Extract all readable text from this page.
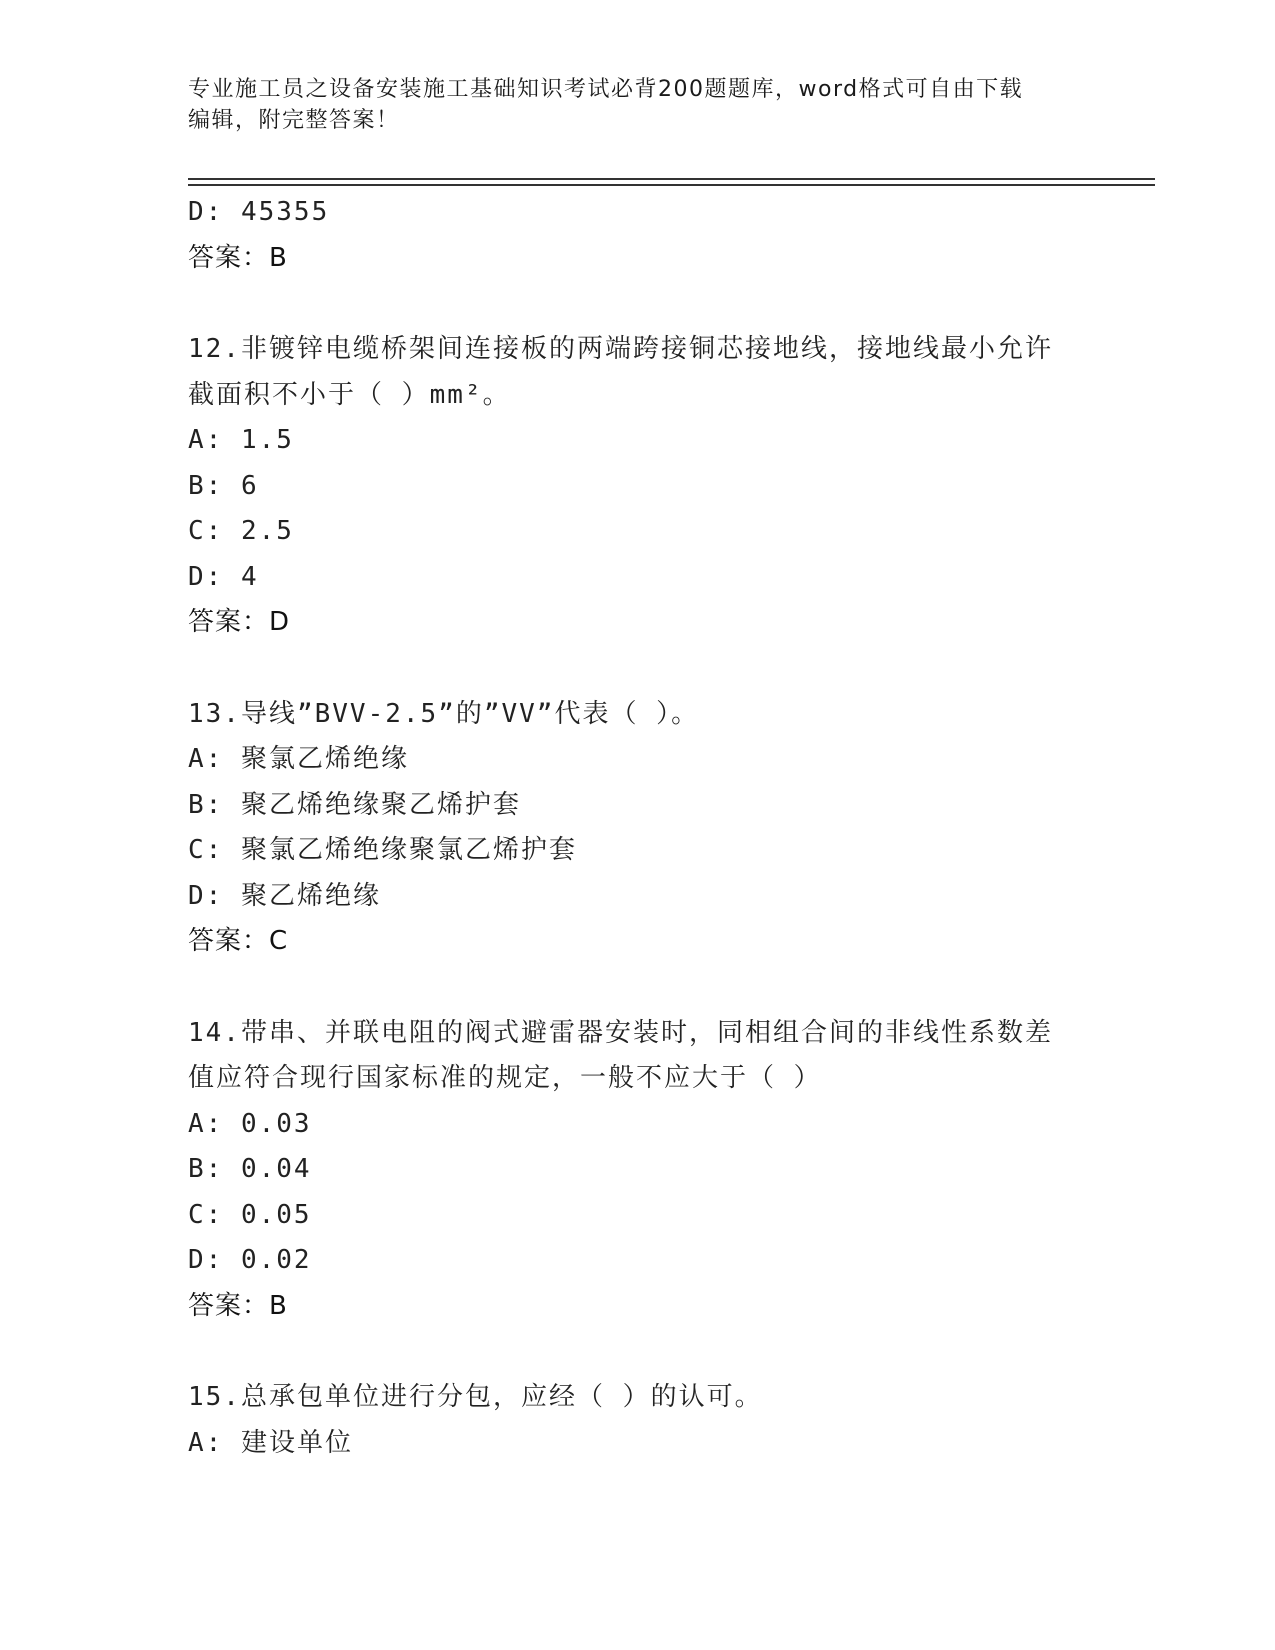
专业施工员之设备安装施工基础知识考试必背200题题库，word格式可自由下载
编辑，附完整答案！
D: 45355
答案：B
12.非镀锌电缆桥架间连接板的两端跨接铜芯接地线，接地线最小允许
截面积不小于（ ）mm²。
A: 1.5
B: 6
C: 2.5
D: 4
答案：D
13.导线”BVV-2.5”的”VV”代表（ ）。
A: 聚氯乙烯绝缘
B: 聚乙烯绝缘聚乙烯护套
C: 聚氯乙烯绝缘聚氯乙烯护套
D: 聚乙烯绝缘
答案：C
14.带串、并联电阻的阀式避雷器安装时，同相组合间的非线性系数差
值应符合现行国家标准的规定，一般不应大于（ ）
A: 0.03
B: 0.04
C: 0.05
D: 0.02
答案：B
15.总承包单位进行分包，应经（ ）的认可。
A: 建设单位
